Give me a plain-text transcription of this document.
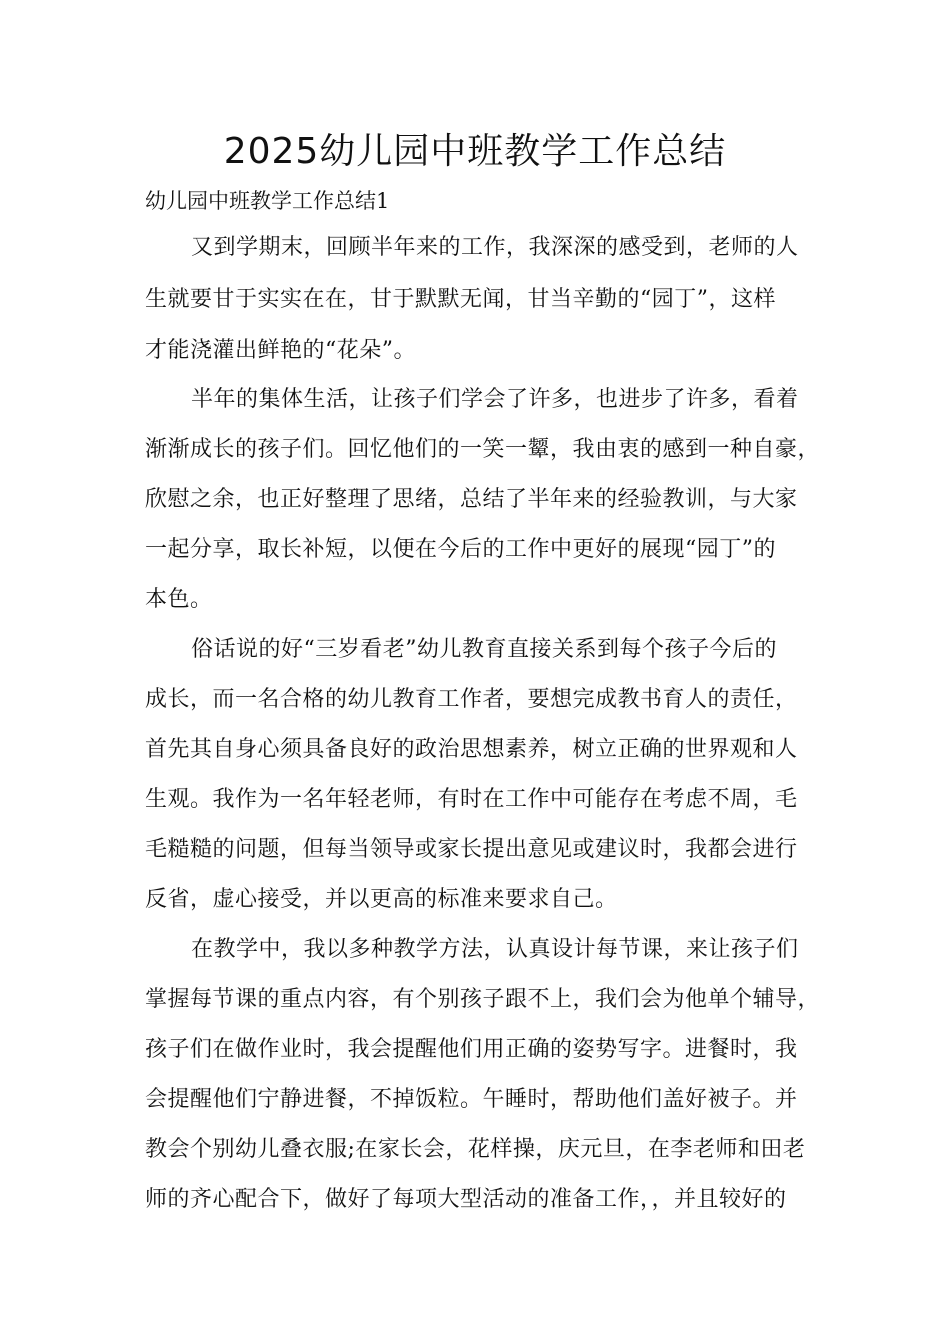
2025幼儿园中班教学工作总结

幼儿园中班教学工作总结1

又到学期末，回顾半年来的工作，我深深的感受到，老师的人
生就要甘于实实在在，甘于默默无闻，甘当辛勤的“园丁”，这样
才能浇灌出鲜艳的“花朵”。
半年的集体生活，让孩子们学会了许多，也进步了许多，看着
渐渐成长的孩子们。回忆他们的一笑一颦，我由衷的感到一种自豪，
欣慰之余，也正好整理了思绪，总结了半年来的经验教训，与大家
一起分享，取长补短，以便在今后的工作中更好的展现“园丁”的
本色。
俗话说的好“三岁看老”幼儿教育直接关系到每个孩子今后的
成长，而一名合格的幼儿教育工作者，要想完成教书育人的责任，
首先其自身心须具备良好的政治思想素养，树立正确的世界观和人
生观。我作为一名年轻老师，有时在工作中可能存在考虑不周，毛
毛糙糙的问题，但每当领导或家长提出意见或建议时，我都会进行
反省，虚心接受，并以更高的标准来要求自己。
在教学中，我以多种教学方法，认真设计每节课，来让孩子们
掌握每节课的重点内容，有个别孩子跟不上，我们会为他单个辅导，
孩子们在做作业时，我会提醒他们用正确的姿势写字。进餐时，我
会提醒他们宁静进餐，不掉饭粒。午睡时，帮助他们盖好被子。并
教会个别幼儿叠衣服;在家长会，花样操，庆元旦，在李老师和田老
师的齐心配合下，做好了每项大型活动的准备工作，，并且较好的
